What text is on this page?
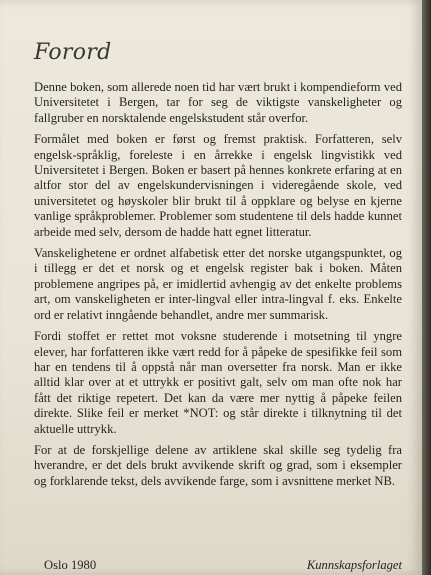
Forord

Denne boken, som allerede noen tid har vært brukt i kompendieform ved Universitetet i Bergen, tar for seg de viktigste vanskeligheter og fallgruber en norsktalende engelskstudent står overfor.

Formålet med boken er først og fremst praktisk. Forfatteren, selv engelsk-språklig, foreleste i en årrekke i engelsk lingvistikk ved Universitetet i Bergen. Boken er basert på hennes konkrete erfaring at en altfor stor del av engelskundervisningen i videregående skole, ved universitetet og høyskoler blir brukt til å oppklare og belyse en kjerne vanlige språkproblemer. Problemer som studentene til dels hadde kunnet arbeide med selv, dersom de hadde hatt egnet litteratur.

Vanskelighetene er ordnet alfabetisk etter det norske utgangspunktet, og i tillegg er det et norsk og et engelsk register bak i boken. Måten problemene angripes på, er imidlertid avhengig av det enkelte problems art, om vanskeligheten er inter-lingval eller intra-lingval f. eks. Enkelte ord er relativt inngående behandlet, andre mer summarisk.

Fordi stoffet er rettet mot voksne studerende i motsetning til yngre elever, har forfatteren ikke vært redd for å påpeke de spesifikke feil som har en tendens til å oppstå når man oversetter fra norsk. Man er ikke alltid klar over at et uttrykk er positivt galt, selv om man ofte nok har fått det riktige repetert. Det kan da være mer nyttig å påpeke feilen direkte. Slike feil er merket *NOT: og står direkte i tilknytning til det aktuelle uttrykk.

For at de forskjellige delene av artiklene skal skille seg tydelig fra hverandre, er det dels brukt avvikende skrift og grad, som i eksempler og forklarende tekst, dels avvikende farge, som i avsnittene merket NB.

Oslo 1980	Kunnskapsforlaget
